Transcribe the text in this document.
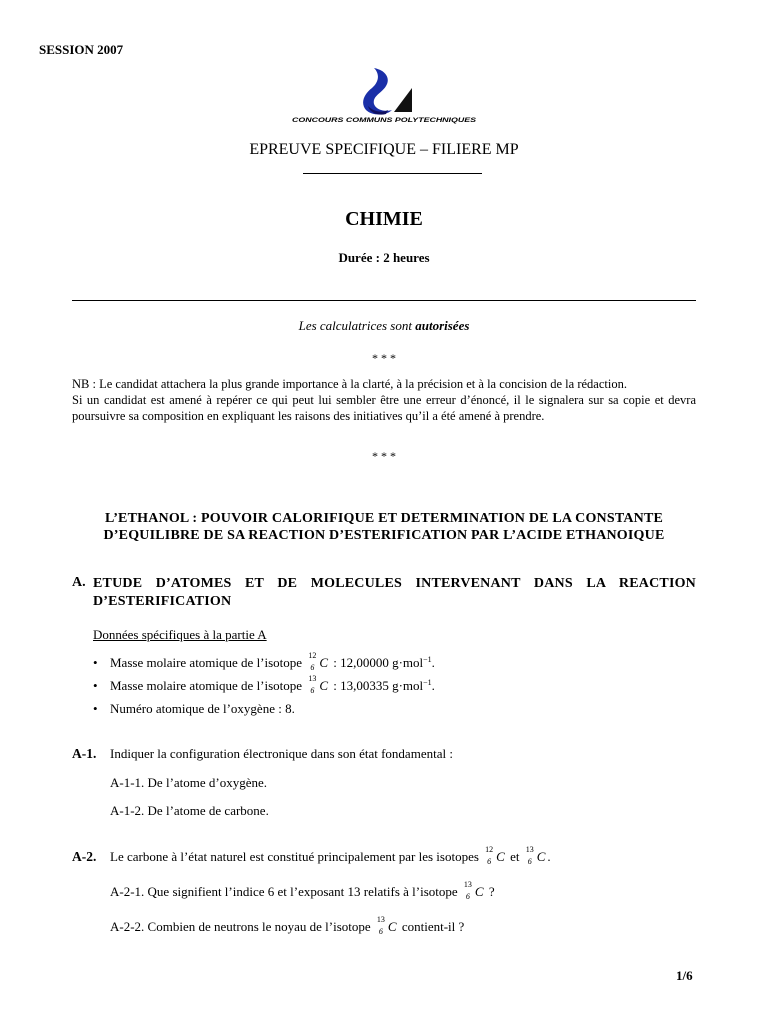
SESSION 2007
CONCOURS COMMUNS POLYTECHNIQUES
EPREUVE SPECIFIQUE – FILIERE MP
CHIMIE
Durée : 2 heures
Les calculatrices sont autorisées
* * *

NB : Le candidat attachera la plus grande importance à la clarté, à la précision et à la concision de la rédaction.

Si un candidat est amené à repérer ce qui peut lui sembler être une erreur d’énoncé, il le signalera sur sa copie et devra poursuivre sa composition en expliquant les raisons des initiatives qu’il a été amené à prendre.

* * *
L’ETHANOL : POUVOIR CALORIFIQUE ET DETERMINATION DE LA CONSTANTE
D’EQUILIBRE DE SA REACTION D’ESTERIFICATION PAR L’ACIDE ETHANOIQUE
A. ETUDE D’ATOMES ET DE MOLECULES INTERVENANT DANS LA REACTION D’ESTERIFICATION
Données spécifiques à la partie A
• Masse molaire atomique de l’isotope 12
6 C : 12,00000 g·mol$^{-1}$.
• Masse molaire atomique de l’isotope 13
6 C : 13,00335 g·mol$^{-1}$.
• Numéro atomique de l’oxygène : 8.
A-1. Indiquer la configuration électronique dans son état fondamental :
A-1-1. De l’atome d’oxygène.
A-1-2. De l’atome de carbone.
A-2. Le carbone à l’état naturel est constitué principalement par les isotopes 12
6 C et 13
6 C .
A-2-1. Que signifient l’indice 6 et l’exposant 13 relatifs à l’isotope 13
6 C ?
A-2-2. Combien de neutrons le noyau de l’isotope 13
6 C contient-il ?
1/6
